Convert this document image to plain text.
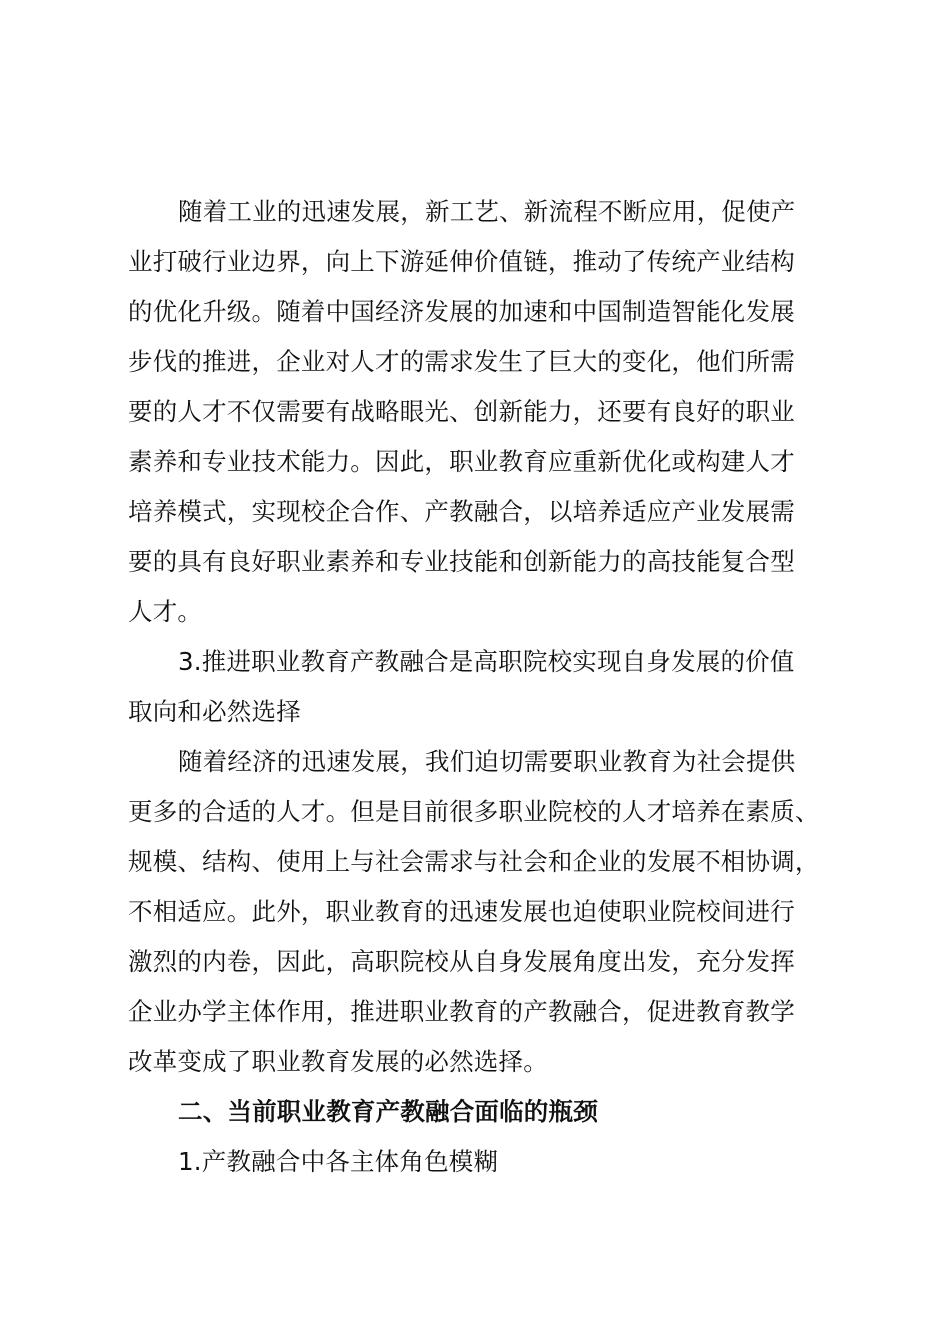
随着工业的迅速发展，新工艺、新流程不断应用，促使产
业打破行业边界，向上下游延伸价值链，推动了传统产业结构
的优化升级。随着中国经济发展的加速和中国制造智能化发展
步伐的推进，企业对人才的需求发生了巨大的变化，他们所需
要的人才不仅需要有战略眼光、创新能力，还要有良好的职业
素养和专业技术能力。因此，职业教育应重新优化或构建人才
培养模式，实现校企合作、产教融合，以培养适应产业发展需
要的具有良好职业素养和专业技能和创新能力的高技能复合型
人才。
3.推进职业教育产教融合是高职院校实现自身发展的价值
取向和必然选择
随着经济的迅速发展，我们迫切需要职业教育为社会提供
更多的合适的人才。但是目前很多职业院校的人才培养在素质、
规模、结构、使用上与社会需求与社会和企业的发展不相协调，
不相适应。此外，职业教育的迅速发展也迫使职业院校间进行
激烈的内卷，因此，高职院校从自身发展角度出发，充分发挥
企业办学主体作用，推进职业教育的产教融合，促进教育教学
改革变成了职业教育发展的必然选择。
二、当前职业教育产教融合面临的瓶颈
1.产教融合中各主体角色模糊
